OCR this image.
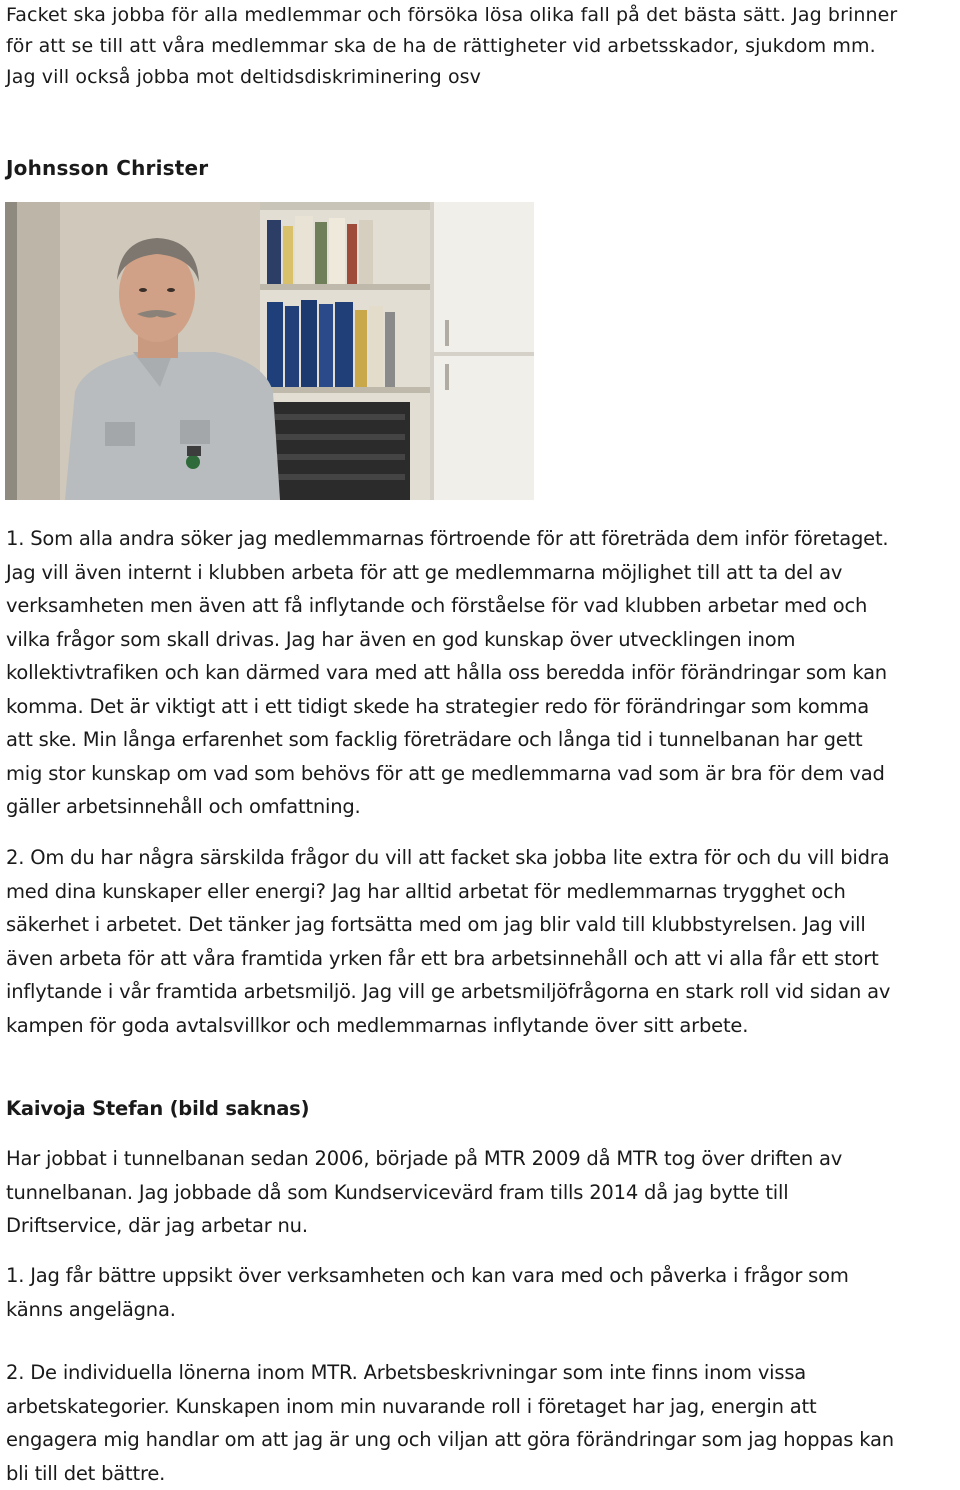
Facket ska jobba för alla medlemmar och försöka lösa olika fall på det bästa sätt. Jag brinner
för att se till att våra medlemmar ska de ha de rättigheter vid arbetsskador, sjukdom mm.
Jag vill också jobba mot deltidsdiskriminering osv

Johnsson Christer

1. Som alla andra söker jag medlemmarnas förtroende för att företräda dem inför företaget.
Jag vill även internt i klubben arbeta för att ge medlemmarna möjlighet till att ta del av
verksamheten men även att få inflytande och förståelse för vad klubben arbetar med och
vilka frågor som skall drivas. Jag har även en god kunskap över utvecklingen inom
kollektivtrafiken och kan därmed vara med att hålla oss beredda inför förändringar som kan
komma. Det är viktigt att i ett tidigt skede ha strategier redo för förändringar som komma
att ske. Min långa erfarenhet som facklig företrädare och långa tid i tunnelbanan har gett
mig stor kunskap om vad som behövs för att ge medlemmarna vad som är bra för dem vad
gäller arbetsinnehåll och omfattning.

2. Om du har några särskilda frågor du vill att facket ska jobba lite extra för och du vill bidra
med dina kunskaper eller energi? Jag har alltid arbetat för medlemmarnas trygghet och
säkerhet i arbetet. Det tänker jag fortsätta med om jag blir vald till klubbstyrelsen. Jag vill
även arbeta för att våra framtida yrken får ett bra arbetsinnehåll och att vi alla får ett stort
inflytande i vår framtida arbetsmiljö. Jag vill ge arbetsmiljöfrågorna en stark roll vid sidan av
kampen för goda avtalsvillkor och medlemmarnas inflytande över sitt arbete.

Kaivoja Stefan (bild saknas)

Har jobbat i tunnelbanan sedan 2006, började på MTR 2009 då MTR tog över driften av
tunnelbanan. Jag jobbade då som Kundservicevärd fram tills 2014 då jag bytte till
Driftservice, där jag arbetar nu.

1. Jag får bättre uppsikt över verksamheten och kan vara med och påverka i frågor som
känns angelägna.

2. De individuella lönerna inom MTR. Arbetsbeskrivningar som inte finns inom vissa
arbetskategorier. Kunskapen inom min nuvarande roll i företaget har jag, energin att
engagera mig handlar om att jag är ung och viljan att göra förändringar som jag hoppas kan
bli till det bättre.
